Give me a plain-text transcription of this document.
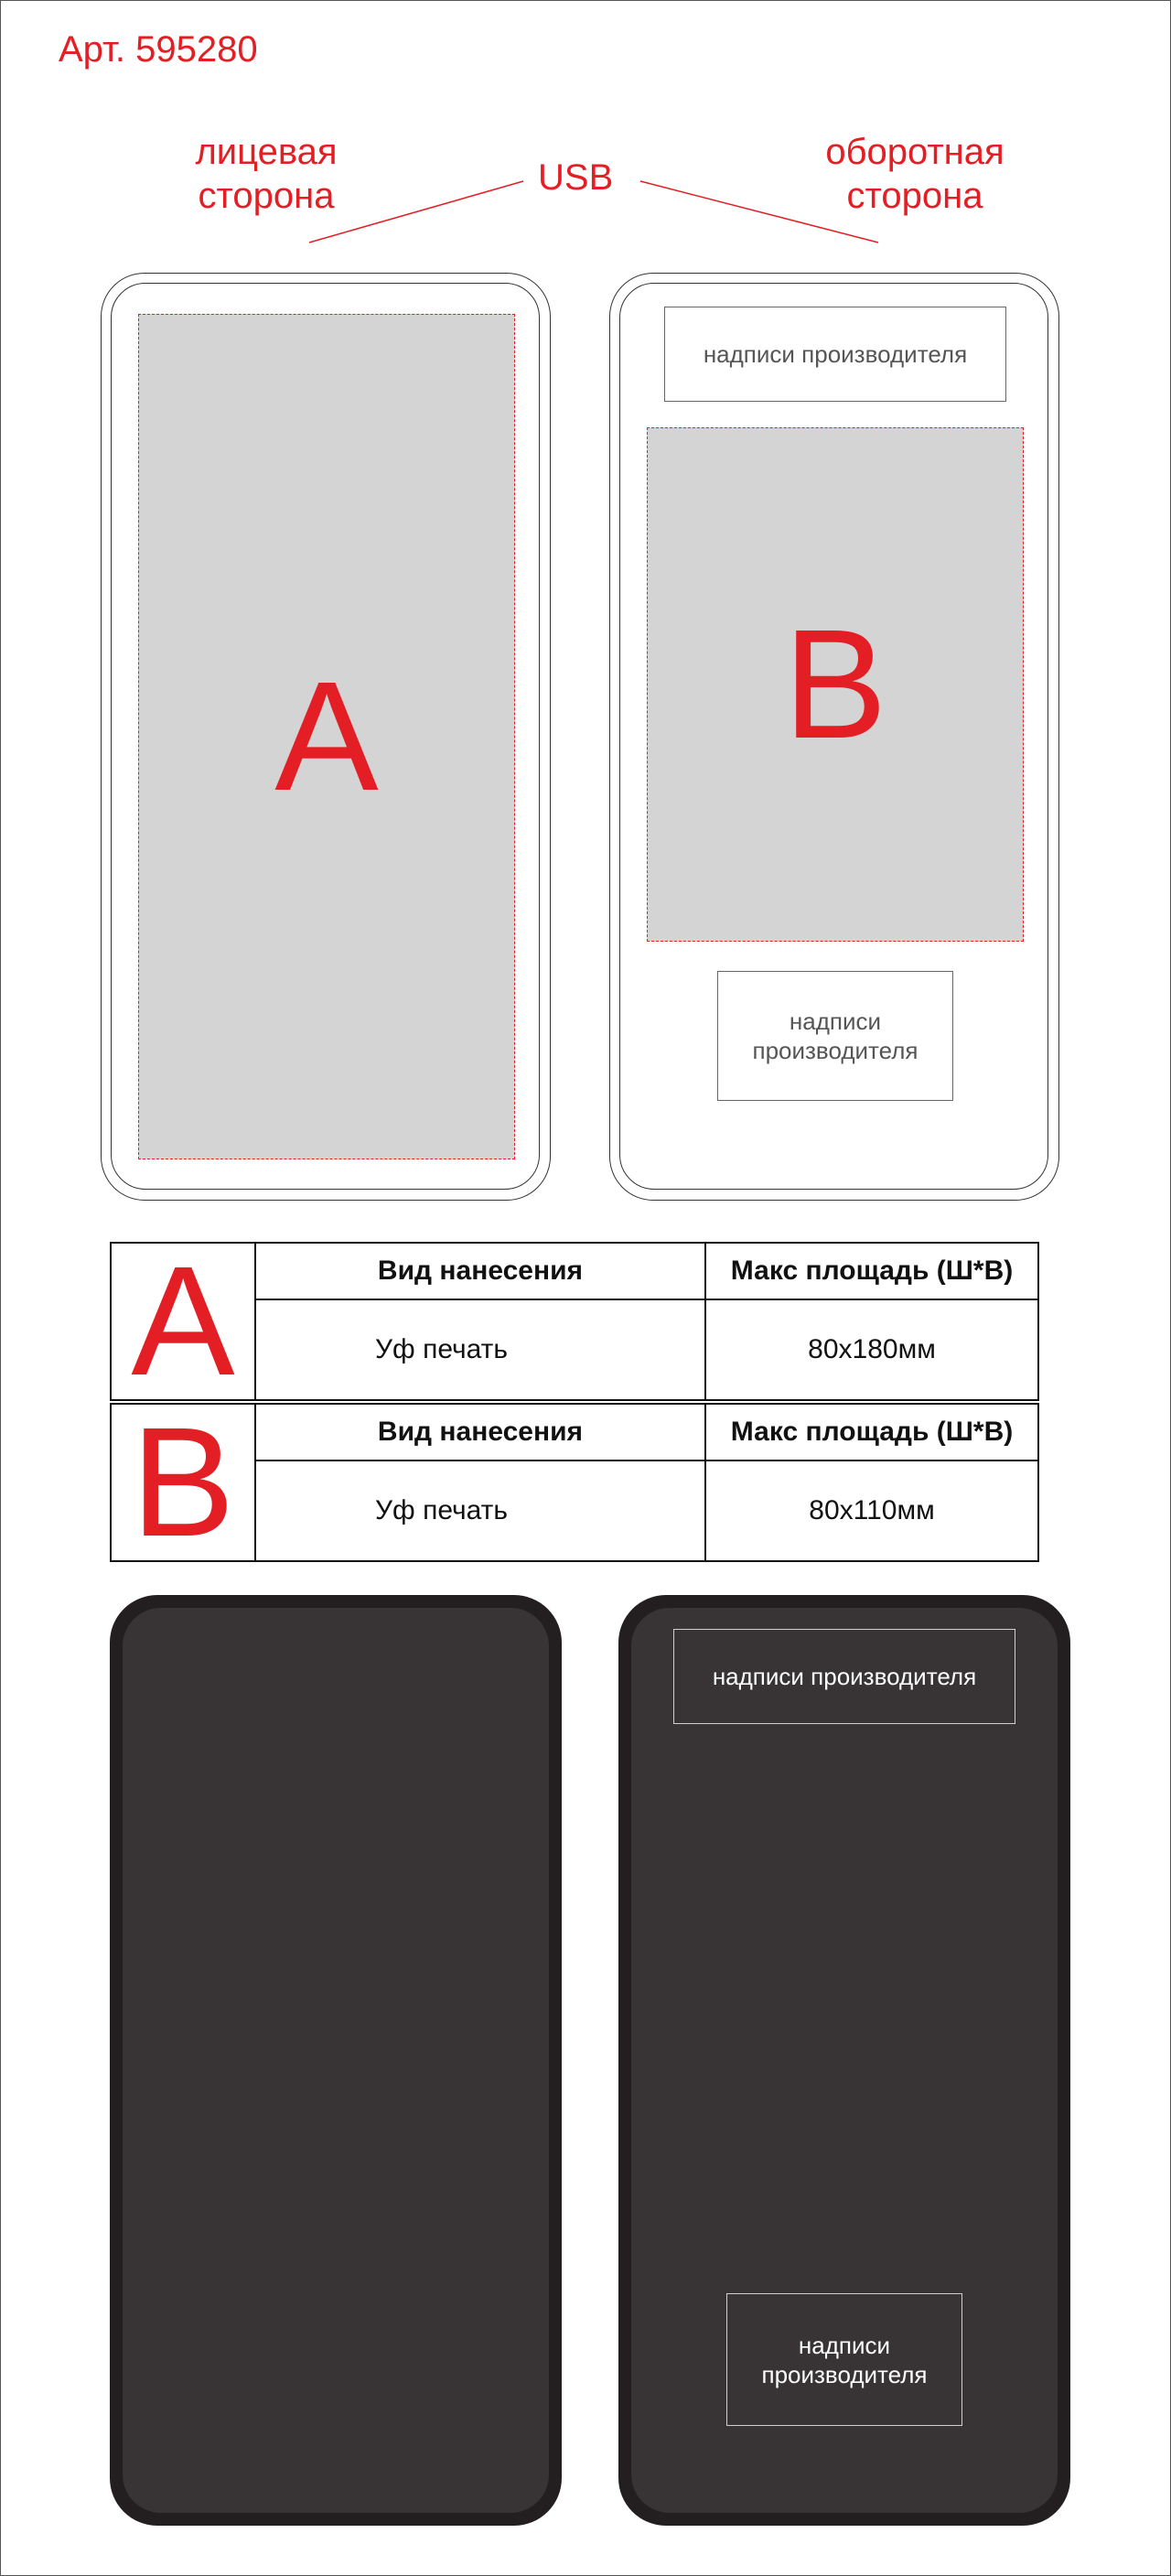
Арт. 595280
лицевая
сторона	USB
оборотная
сторона
A
надписи производителя
B
надписи
производителя
A	Вид нанесения	Макс площадь (Ш*В)
	Уф печать	80x180мм
B	Вид нанесения	Макс площадь (Ш*В)
	Уф печать	80x110мм
надписи производителя
надписи
производителя
